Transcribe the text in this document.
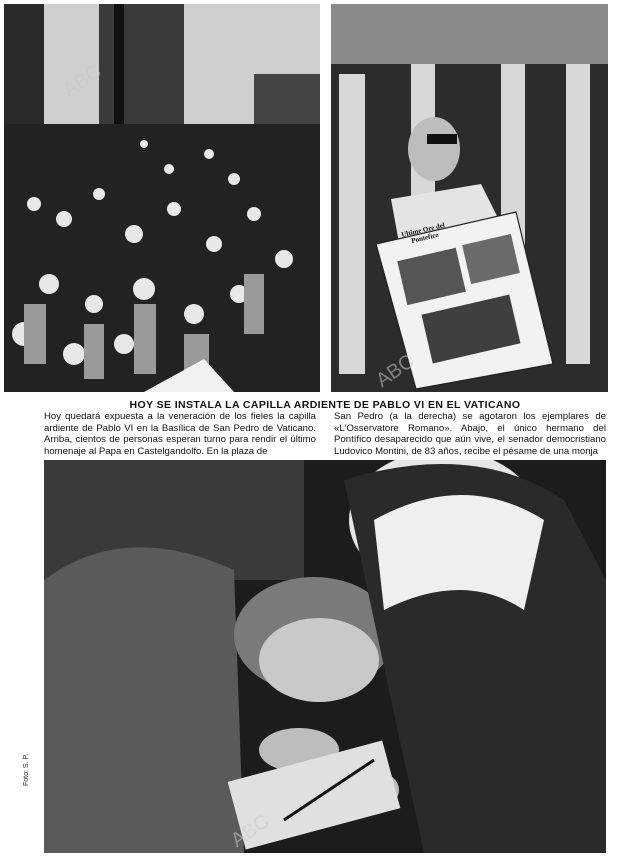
Ultime Ore del Pontefice
HOY SE INSTALA LA CAPILLA ARDIENTE DE PABLO VI EN EL VATICANO
Hoy quedará expuesta a la veneración de los fieles la capilla ardiente de Pablo VI en la Basílica de San Pedro de Vaticano. Arriba, cientos de personas esperan turno para rendir el último homenaje al Papa en Castelgandolfo. En la plaza de
San Pedro (a la derecha) se agotaron los ejemplares de «L'Osservatore Romano». Abajo, el único hermano del Pontífico desaparecido que aún vive, el senador democristiano Ludovico Montini, de 83 años, recibe el pésame de una monja
Foto: S. P.
ABC
ABC
ABC
